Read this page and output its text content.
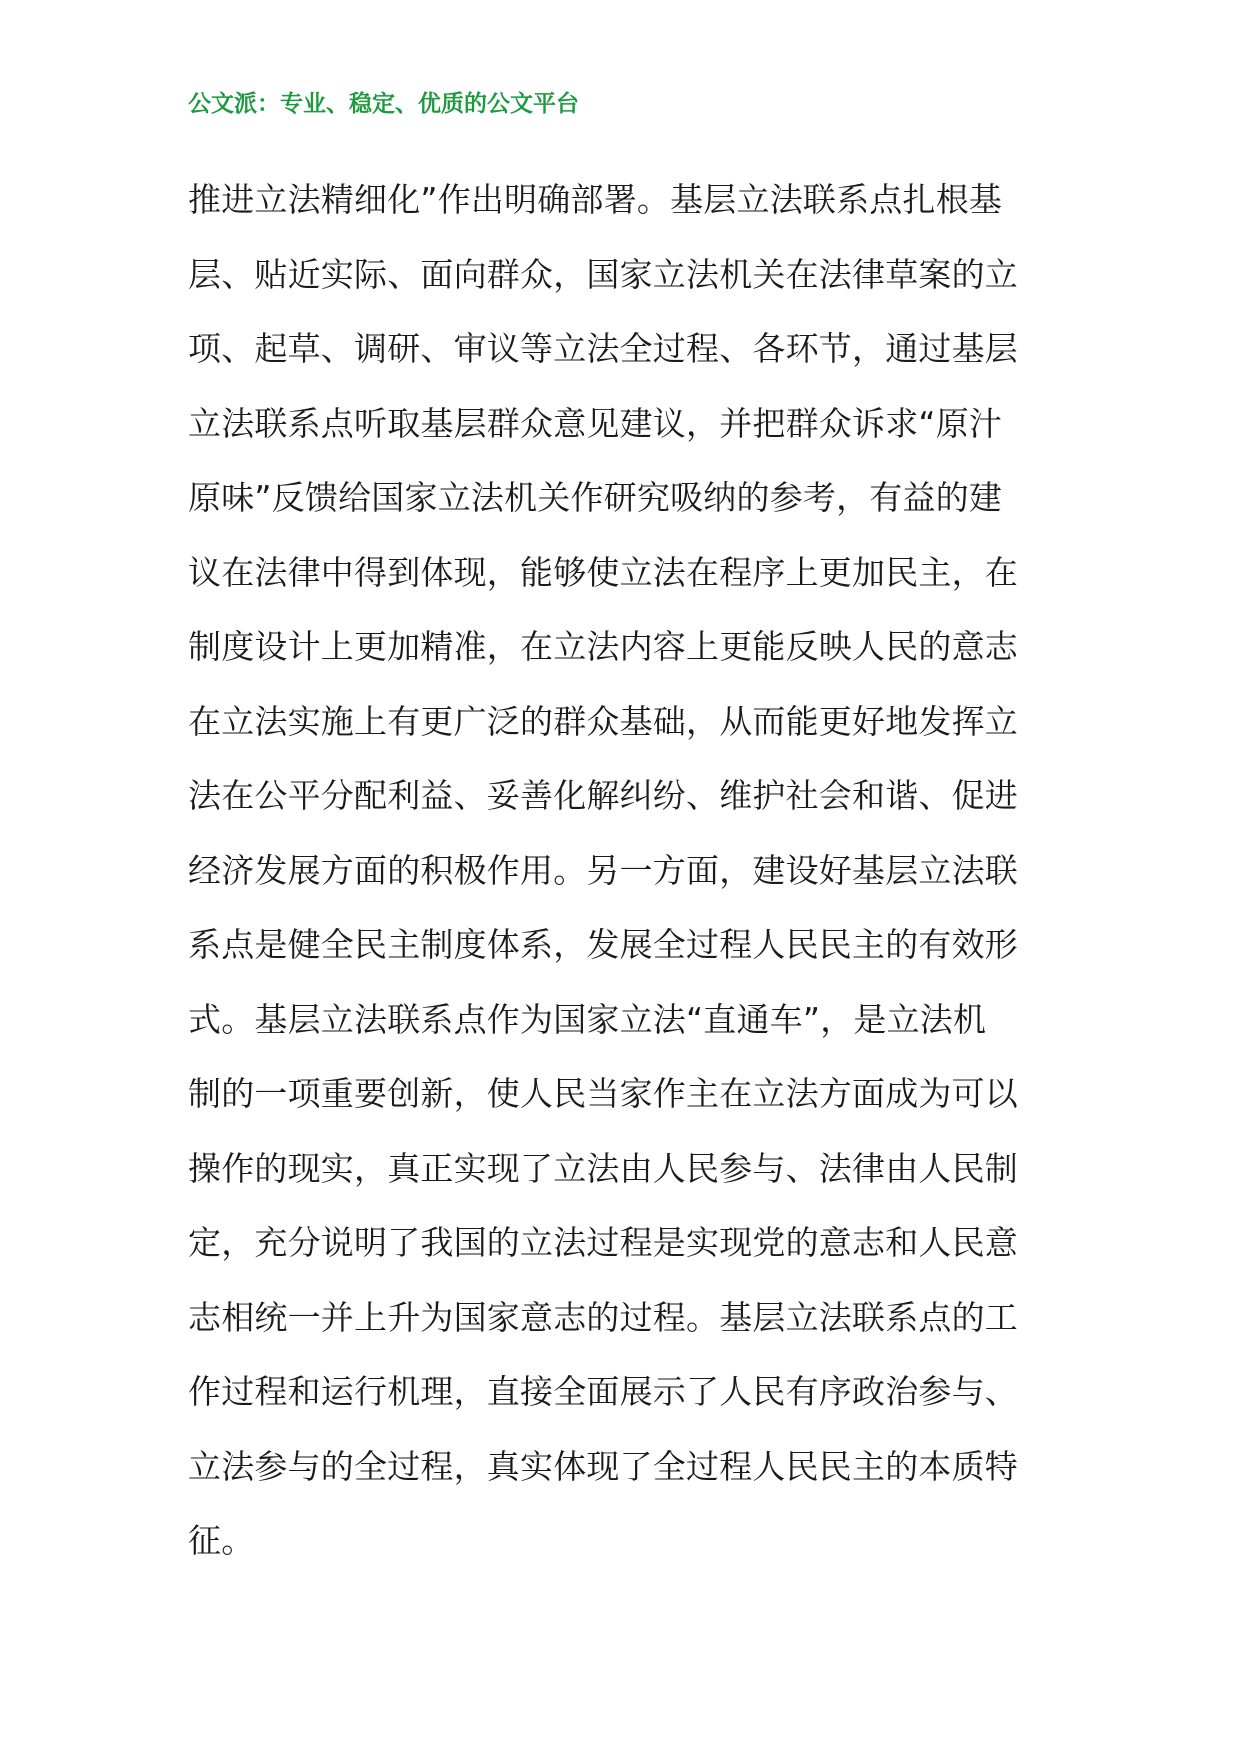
公文派：专业、稳定、优质的公文平台
推进立法精细化”作出明确部署。基层立法联系点扎根基
层、贴近实际、面向群众，国家立法机关在法律草案的立
项、起草、调研、审议等立法全过程、各环节，通过基层
立法联系点听取基层群众意见建议，并把群众诉求“原汁
原味”反馈给国家立法机关作研究吸纳的参考，有益的建
议在法律中得到体现，能够使立法在程序上更加民主，在
制度设计上更加精准，在立法内容上更能反映人民的意志
在立法实施上有更广泛的群众基础，从而能更好地发挥立
法在公平分配利益、妥善化解纠纷、维护社会和谐、促进
经济发展方面的积极作用。另一方面，建设好基层立法联
系点是健全民主制度体系，发展全过程人民民主的有效形
式。基层立法联系点作为国家立法“直通车”，是立法机
制的一项重要创新，使人民当家作主在立法方面成为可以
操作的现实，真正实现了立法由人民参与、法律由人民制
定，充分说明了我国的立法过程是实现党的意志和人民意
志相统一并上升为国家意志的过程。基层立法联系点的工
作过程和运行机理，直接全面展示了人民有序政治参与、
立法参与的全过程，真实体现了全过程人民民主的本质特
征。
